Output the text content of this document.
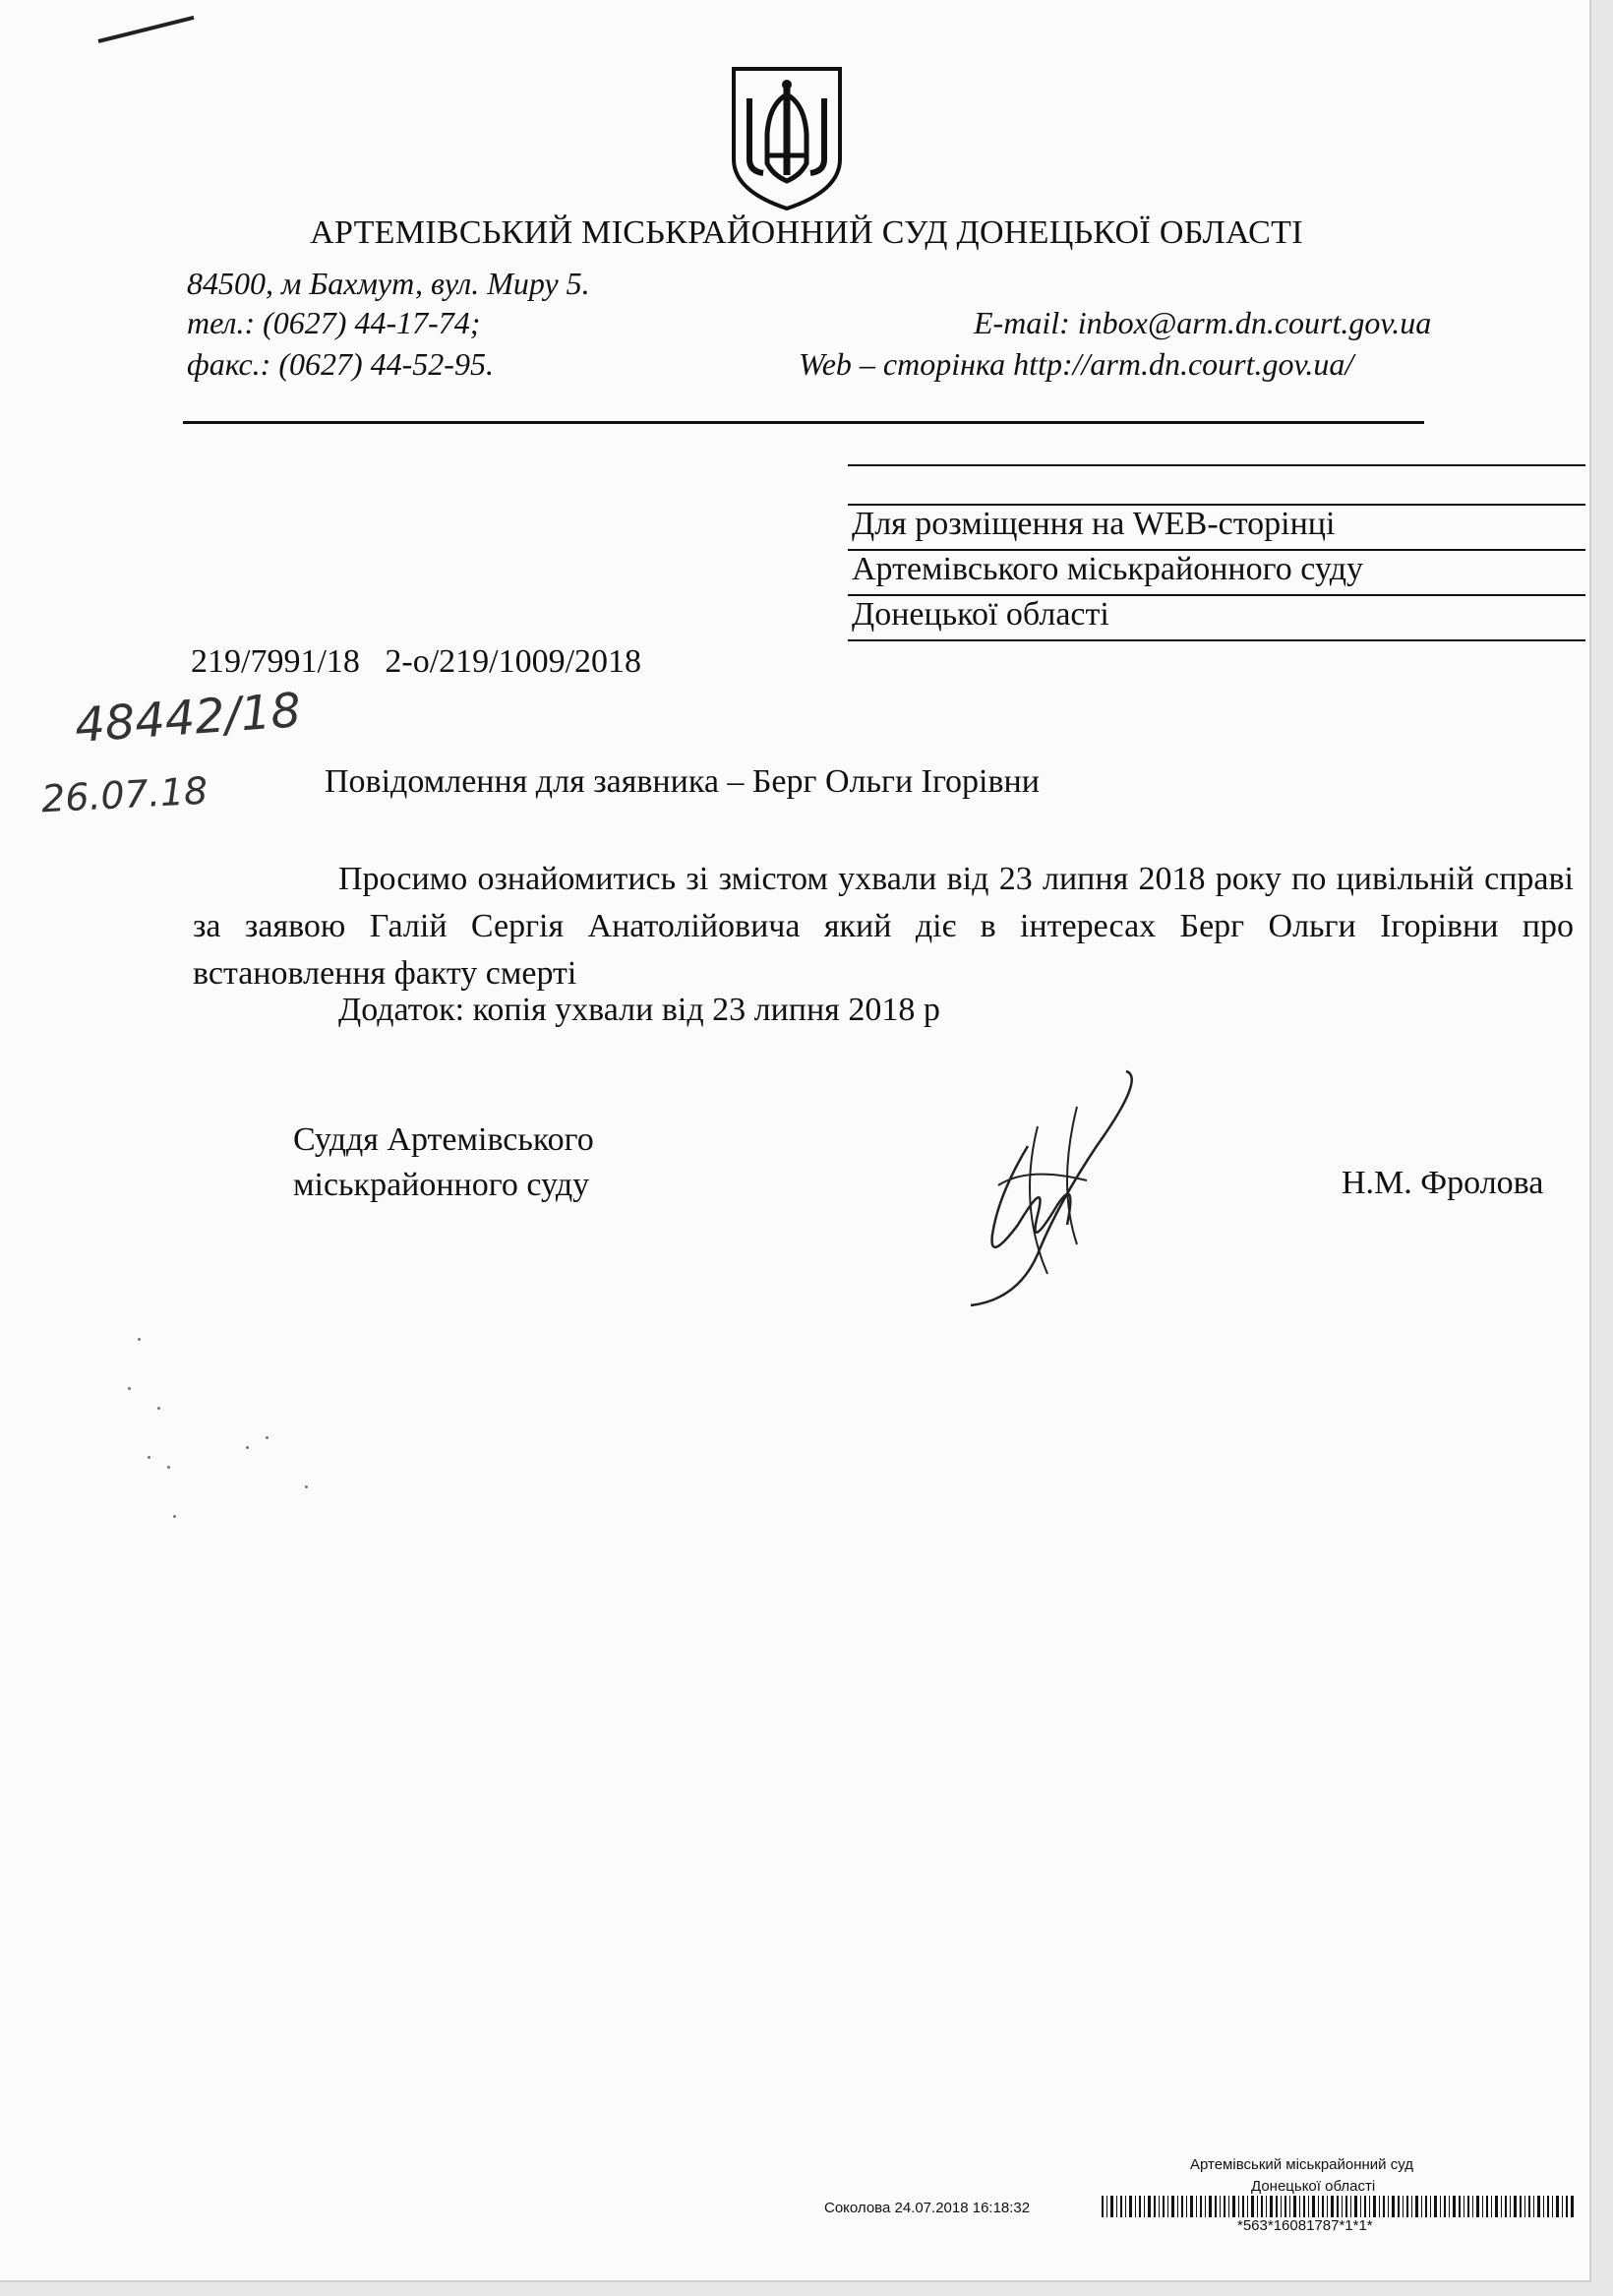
АРТЕМІВСЬКИЙ МІСЬКРАЙОННИЙ СУД ДОНЕЦЬКОЇ ОБЛАСТІ
84500, м Бахмут, вул. Миру 5.
тел.: (0627) 44-17-74;	E-mail: inbox@arm.dn.court.gov.ua
факс.: (0627) 44-52-95.	Web – сторінка http://arm.dn.court.gov.ua/
Для розміщення на WEB-сторінці
Артемівського міськрайонного суду
Донецької області
219/7991/18   2-о/219/1009/2018
48442/18
26.07.18	Повідомлення для заявника – Берг Ольги Ігорівни
Просимо ознайомитись зі змістом ухвали від 23 липня 2018 року по цивільній справі за заявою Галій Сергія Анатолійовича який діє в інтересах Берг Ольги Ігорівни про встановлення факту смерті
Додаток: копія ухвали від 23 липня 2018 р
Суддя Артемівського
міськрайонного суду	Н.М. Фролова
Артемівський міськрайонний суд
Донецької області
Соколова 24.07.2018 16:18:32
*563*16081787*1*1*
